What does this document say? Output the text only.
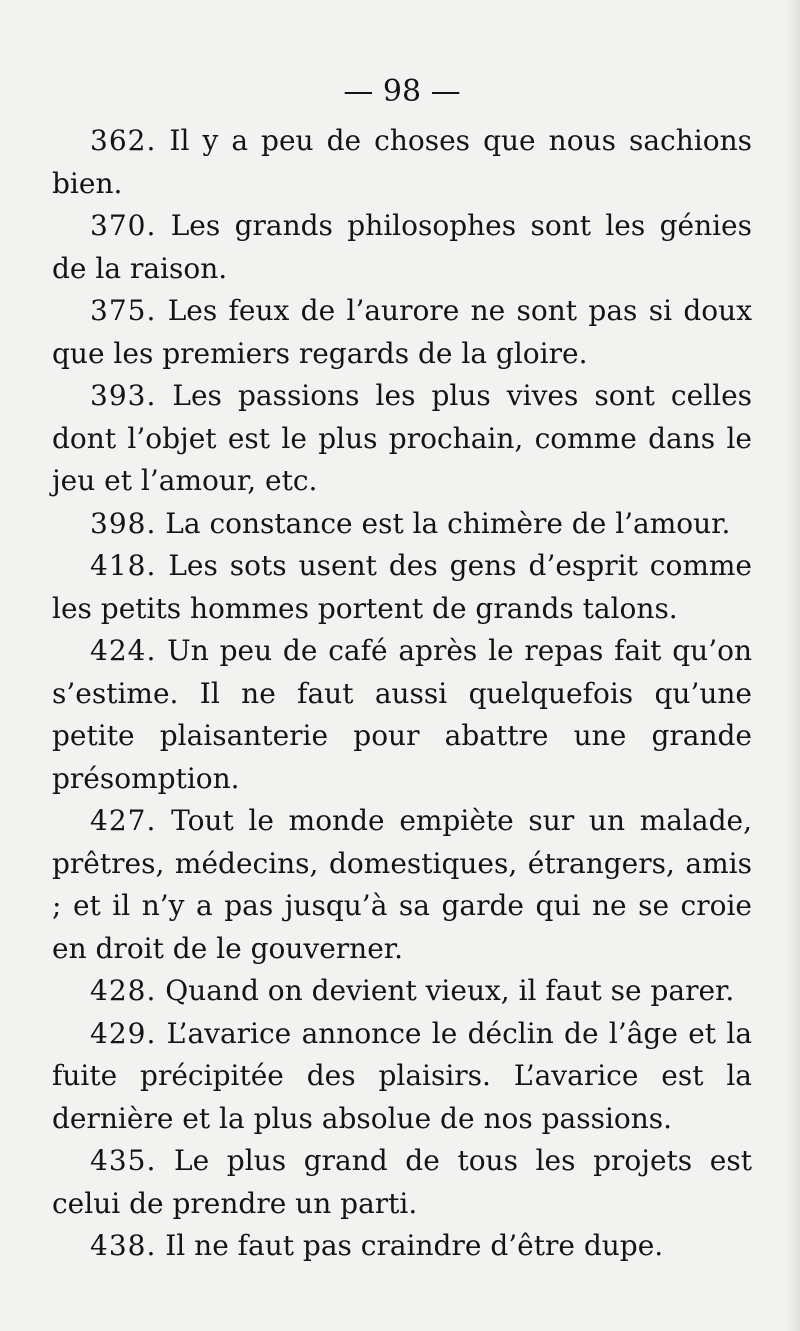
— 98 —

362. Il y a peu de choses que nous sachions bien.

370. Les grands philosophes sont les génies de la raison.

375. Les feux de l’aurore ne sont pas si doux que les premiers regards de la gloire.

393. Les passions les plus vives sont celles dont l’objet est le plus prochain, comme dans le jeu et l’amour, etc.

398. La constance est la chimère de l’amour.

418. Les sots usent des gens d’esprit comme les petits hommes portent de grands talons.

424. Un peu de café après le repas fait qu’on s’estime. Il ne faut aussi quelquefois qu’une petite plaisanterie pour abattre une grande présomption.

427. Tout le monde empiète sur un malade, prêtres, médecins, domestiques, étrangers, amis ; et il n’y a pas jusqu’à sa garde qui ne se croie en droit de le gouverner.

428. Quand on devient vieux, il faut se parer.

429. L’avarice annonce le déclin de l’âge et la fuite précipitée des plaisirs. L’avarice est la dernière et la plus absolue de nos passions.

435. Le plus grand de tous les projets est celui de prendre un parti.

438. Il ne faut pas craindre d’être dupe.
